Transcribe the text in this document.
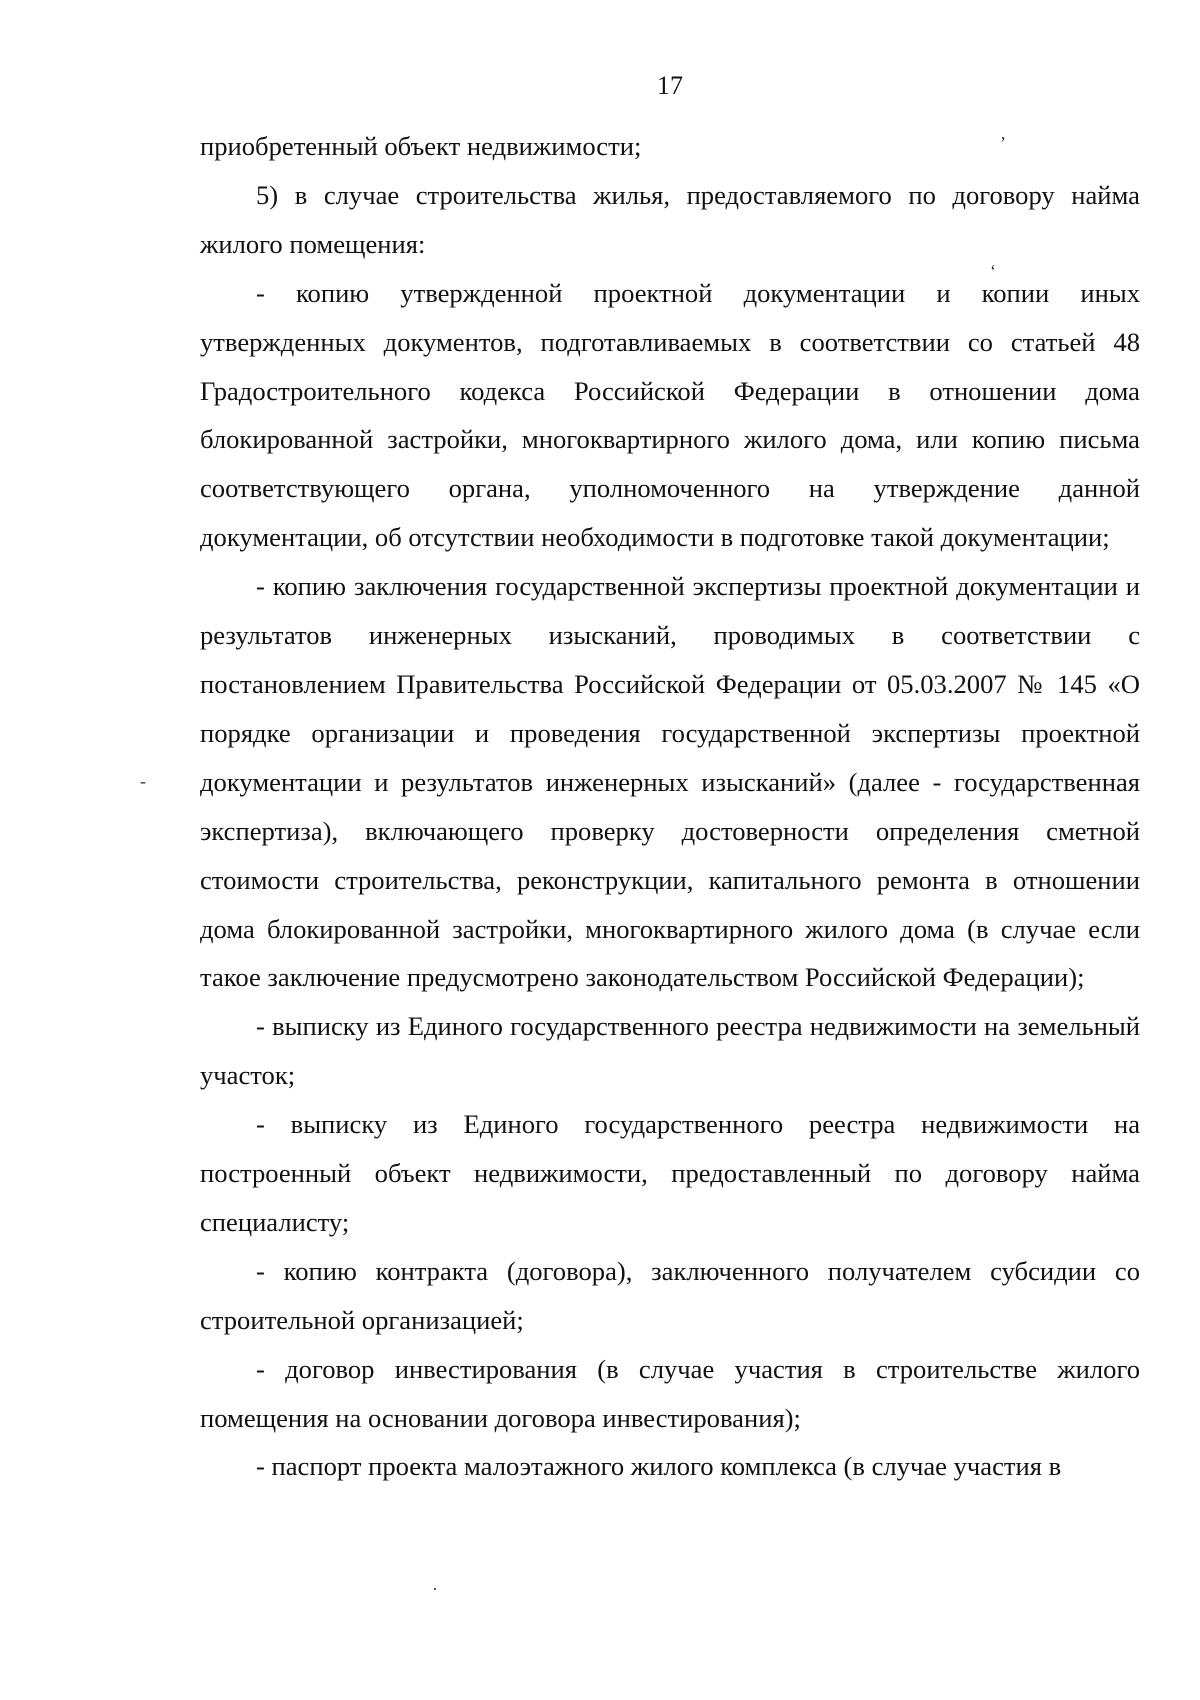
17

приобретенный объект недвижимости;

5) в случае строительства жилья, предоставляемого по договору найма жилого помещения:

- копию утвержденной проектной документации и копии иных утвержденных документов, подготавливаемых в соответствии со статьей 48 Градостроительного кодекса Российской Федерации в отношении дома блокированной застройки, многоквартирного жилого дома, или копию письма соответствующего органа, уполномоченного на утверждение данной документации, об отсутствии необходимости в подготовке такой документации;

- копию заключения государственной экспертизы проектной документации и результатов инженерных изысканий, проводимых в соответствии с постановлением Правительства Российской Федерации от 05.03.2007 № 145 «О порядке организации и проведения государственной экспертизы проектной документации и результатов инженерных изысканий» (далее - государственная экспертиза), включающего проверку достоверности определения сметной стоимости строительства, реконструкции, капитального ремонта в отношении дома блокированной застройки, многоквартирного жилого дома (в случае если такое заключение предусмотрено законодательством Российской Федерации);

- выписку из Единого государственного реестра недвижимости на земельный участок;

- выписку из Единого государственного реестра недвижимости на построенный объект недвижимости, предоставленный по договору найма специалисту;

- копию контракта (договора), заключенного получателем субсидии со строительной организацией;

- договор инвестирования (в случае участия в строительстве жилого помещения на основании договора инвестирования);

- паспорт проекта малоэтажного жилого комплекса (в случае участия в

ʼ
ʻ
-
·
